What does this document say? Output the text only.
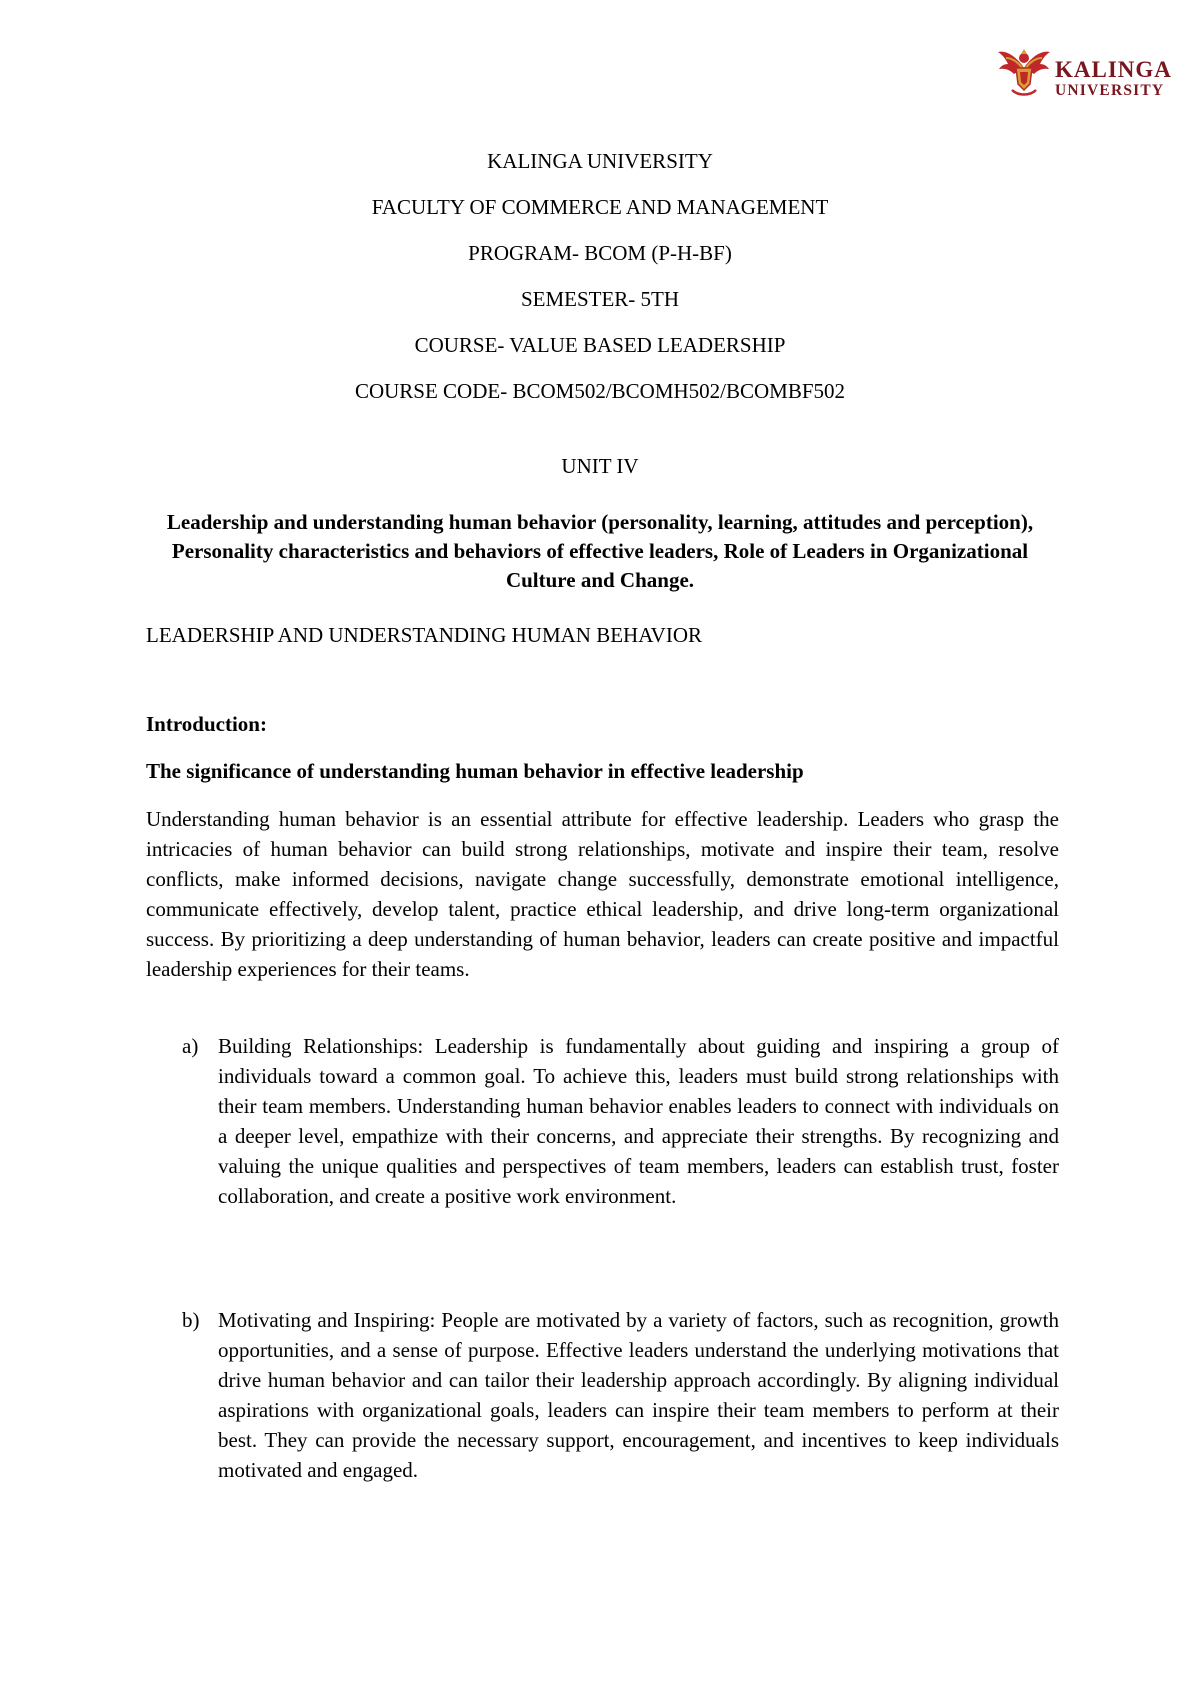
KALINGA
UNIVERSITY
KALINGA UNIVERSITY
FACULTY OF COMMERCE AND MANAGEMENT
PROGRAM- BCOM (P-H-BF)
SEMESTER- 5TH
COURSE- VALUE BASED LEADERSHIP
COURSE CODE- BCOM502/BCOMH502/BCOMBF502
UNIT IV

Leadership and understanding human behavior (personality, learning, attitudes and perception), Personality characteristics and behaviors of effective leaders, Role of Leaders in Organizational Culture and Change.

LEADERSHIP AND UNDERSTANDING HUMAN BEHAVIOR
Introduction:
The significance of understanding human behavior in effective leadership

Understanding human behavior is an essential attribute for effective leadership. Leaders who grasp the intricacies of human behavior can build strong relationships, motivate and inspire their team, resolve conflicts, make informed decisions, navigate change successfully, demonstrate emotional intelligence, communicate effectively, develop talent, practice ethical leadership, and drive long-term organizational success. By prioritizing a deep understanding of human behavior, leaders can create positive and impactful leadership experiences for their teams.

a) Building Relationships: Leadership is fundamentally about guiding and inspiring a group of individuals toward a common goal. To achieve this, leaders must build strong relationships with their team members. Understanding human behavior enables leaders to connect with individuals on a deeper level, empathize with their concerns, and appreciate their strengths. By recognizing and valuing the unique qualities and perspectives of team members, leaders can establish trust, foster collaboration, and create a positive work environment.

b) Motivating and Inspiring: People are motivated by a variety of factors, such as recognition, growth opportunities, and a sense of purpose. Effective leaders understand the underlying motivations that drive human behavior and can tailor their leadership approach accordingly. By aligning individual aspirations with organizational goals, leaders can inspire their team members to perform at their best. They can provide the necessary support, encouragement, and incentives to keep individuals motivated and engaged.
